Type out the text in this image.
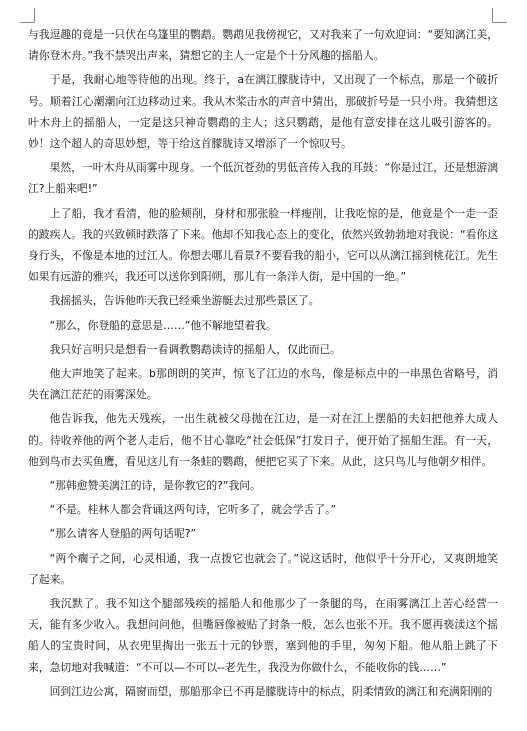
与我逗趣的竟是一只伏在乌篷里的鹦鹉。鹦鹉见我傍视它，又对我来了一句欢迎词：“要知漓江美，请你登木舟。”我不禁哭出声来，猜想它的主人一定是个十分风趣的摇船人。

于是，我耐心地等待他的出现。终于，a在漓江朦胧诗中，又出现了一个标点，那是一个破折号。顺着江心潮潮向江边移动过来。我从木桨击水的声音中猜出，那破折号是一只小舟。我猜想这叶木舟上的摇船人，一定是这只神奇鹦鹉的主人；这只鹦鹉，是他有意安排在这儿吸引游客的。妙！这个超人的奇思妙想，等于给这首朦胧诗又增添了一个惊叹号。

果然，一叶木舟从雨雾中现身。一个低沉苍劲的男低音传入我的耳鼓：“你是过江，还是想游漓江?上船来吧!”

上了船，我才看清，他的脸颊削，身材和那张脸一样瘦削，让我吃惊的是，他竟是个一走一歪的跛疾人。我的兴致顿时跌落了下来。他却不知我心态上的变化，依然兴致勃勃地对我说：“看你这身行头，不像是本地的过江人。你想去哪儿看景?不要看我的船小，它可以从漓江摇到桃花江。先生如果有远游的雅兴，我还可以送你到阳朔，那儿有一条洋人街，是中国的一绝。”

我摇摇头，告诉他昨天我已经乘坐游艇去过那些景区了。

“那么，你登船的意思是……”他不解地望着我。

我只好言明只是想看一看调教鹦鹉读诗的摇船人，仅此而已。

他大声地笑了起来。b那朗朗的笑声，惊飞了江边的水鸟，像是标点中的一串黑色省略号，消失在漓江茫茫的雨雾深处。

他告诉我，他先天残疾，一出生就被父母抛在江边，是一对在江上摆船的夫妇把他养大成人的。待收养他的两个老人走后，他不甘心靠吃“社会低保”打发日子，便开始了摇船生涯。有一天，他到鸟市去买鱼鹰，看见这儿有一条蛙的鹦鹉，便把它买了下来。从此，这只鸟儿与他朝夕相伴。

“那韩愈赞美漓江的诗，是你教它的?”我问。

“不是。桂林人都会背诵这两句诗，它听多了，就会学舌了。”

“那么请客人登船的两句话呢?”

“两个瘸子之间，心灵相通，我一点拨它也就会了。”说这话时，他似乎十分开心，又爽朗地笑了起来。

我沉默了。我不知这个腿部残疾的摇船人和他那少了一条腿的鸟，在雨雾漓江上苦心经营一天，能有多少收入。我想问问他，但嘴唇像被贴了封条一般，怎么也张不开。我不愿再亵渎这个摇船人的宝贵时间，从衣兜里掏出一张五十元的钞票，塞到他的手里，匆匆下船。他从船上跳了下来，急切地对我喊道：“不可以—不可以--老先生，我没为你做什么，不能收你的钱……”

回到江边公寓，隔窗而望，那船那伞已不再是朦胧诗中的标点，阴柔情致的漓江和充满阳刚的
